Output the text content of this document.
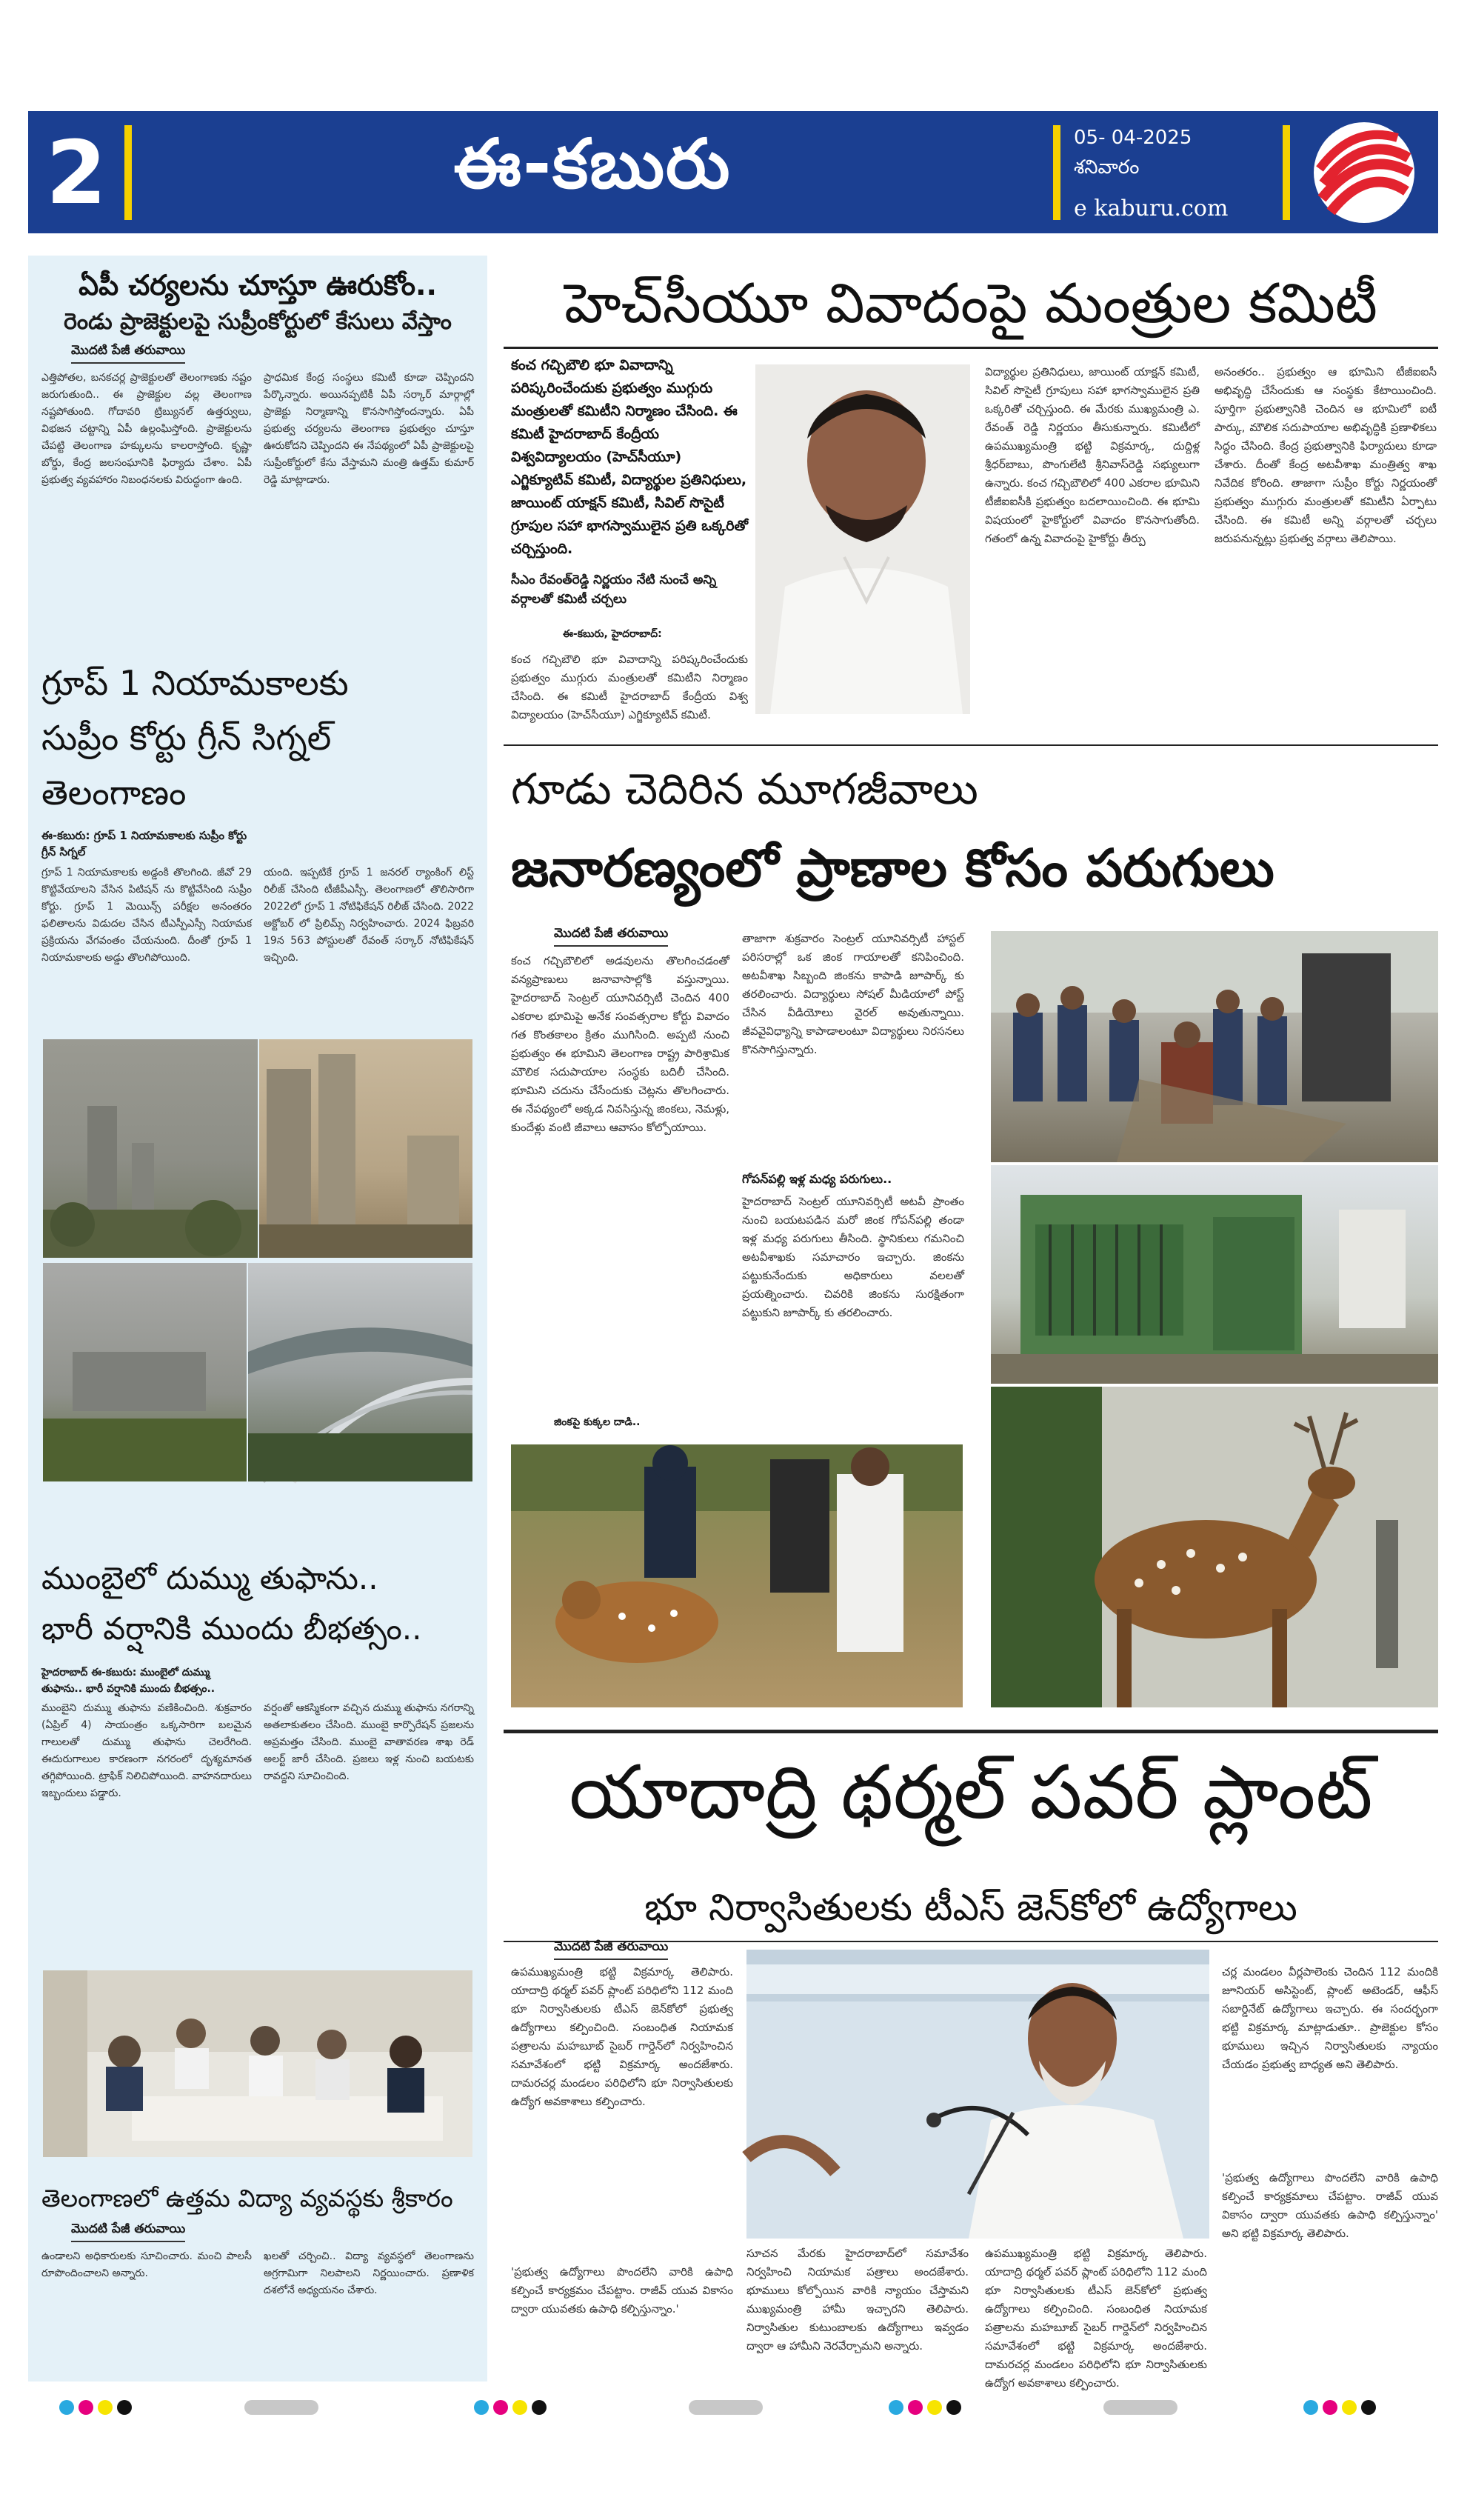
2	ఈ-కబురు	05- 04-2025
శనివారం
e kaburu.com
ఏపీ చర్యలను చూస్తూ ఊరుకోం..
రెండు ప్రాజెక్టులపై సుప్రీంకోర్టులో కేసులు వేస్తాం
మొదటి పేజీ తరువాయి
ఎత్తిపోతల, బనకచర్ల ప్రాజెక్టులతో తెలంగాణకు నష్టం జరుగుతుంది.. ఈ ప్రాజెక్టుల వల్ల తెలంగాణ నష్టపోతుంది. గోదావరి ట్రిబ్యునల్ ఉత్తర్వులు, విభజన చట్టాన్ని ఏపీ ఉల్లంఘిస్తోంది. ప్రాజెక్టులను చేపట్టి తెలంగాణ హక్కులను కాలరాస్తోంది. కృష్ణా బోర్డు, కేంద్ర జలసంఘానికి ఫిర్యాదు చేశాం. ఏపీ ప్రభుత్వ వ్యవహారం నిబంధనలకు విరుద్ధంగా ఉంది.
ప్రాధమిక కేంద్ర సంస్థలు కమిటీ కూడా చెప్పిందని పేర్కొన్నారు. అయినప్పటికీ ఏపీ సర్కార్ మార్గాల్లో ప్రాజెక్టు నిర్మాణాన్ని కొనసాగిస్తోందన్నారు. ఏపీ ప్రభుత్వ చర్యలను తెలంగాణ ప్రభుత్వం చూస్తూ ఊరుకోదని చెప్పిందని ఈ నేపథ్యంలో ఏపీ ప్రాజెక్టులపై సుప్రీంకోర్టులో కేసు వేస్తామని మంత్రి ఉత్తమ్ కుమార్ రెడ్డి మాట్లాడారు.
గ్రూప్ 1 నియామకాలకు
సుప్రీం కోర్టు గ్రీన్ సిగ్నల్ తెలంగాణం
ఈ-కబురు: గ్రూప్ 1 నియామకాలకు సుప్రీం కోర్టు గ్రీన్ సిగ్నల్
గ్రూప్ 1 నియామకాలకు అడ్డంకి తొలగింది. జీవో 29 కొట్టివేయాలని వేసిన పిటిషన్ ను కొట్టివేసింది సుప్రీం కోర్టు. గ్రూప్ 1 మెయిన్స్ పరీక్షల అనంతరం ఫలితాలను విడుదల చేసిన టీఎస్పీఎస్సీ నియామక ప్రక్రియను వేగవంతం చేయనుంది. దీంతో గ్రూప్ 1 నియామకాలకు అడ్డు తొలగిపోయింది.
యంది. ఇప్పటికే గ్రూప్ 1 జనరల్ ర్యాంకింగ్ లిస్ట్ రిలీజ్ చేసింది టీజీపీఎస్సీ. తెలంగాణలో తొలిసారిగా 2022లో గ్రూప్ 1 నోటిఫికేషన్ రిలీజ్ చేసింది. 2022 అక్టోబర్ లో ప్రిలిమ్స్ నిర్వహించారు. 2024 ఫిబ్రవరి 19న 563 పోస్టులతో రేవంత్ సర్కార్ నోటిఫికేషన్ ఇచ్చింది.
ముంబైలో దుమ్ము తుఫాను..
భారీ వర్షానికి ముందు బీభత్సం..
హైదరాబాద్ ఈ-కబురు: ముంబైలో దుమ్ము తుఫాను.. భారీ వర్షానికి ముందు బీభత్సం..
ముంబైని దుమ్ము తుఫాను వణికించింది. శుక్రవారం (ఏప్రిల్ 4) సాయంత్రం ఒక్కసారిగా బలమైన గాలులతో దుమ్ము తుఫాను చెలరేగింది. ఈదురుగాలుల కారణంగా నగరంలో దృశ్యమానత తగ్గిపోయింది. ట్రాఫిక్ నిలిచిపోయింది. వాహనదారులు ఇబ్బందులు పడ్డారు.
వర్షంతో ఆకస్మికంగా వచ్చిన దుమ్ము తుఫాను నగరాన్ని అతలాకుతలం చేసింది. ముంబై కార్పొరేషన్ ప్రజలను అప్రమత్తం చేసింది. ముంబై వాతావరణ శాఖ రెడ్ అలర్ట్ జారీ చేసింది. ప్రజలు ఇళ్ల నుంచి బయటకు రావద్దని సూచించింది.
తెలంగాణలో ఉత్తమ విద్యా వ్యవస్థకు శ్రీకారం
మొదటి పేజీ తరువాయి
ఉండాలని అధికారులకు సూచించారు. మంచి పాలసీ రూపొందించాలని అన్నారు.
ఖలతో చర్చించి.. విద్యా వ్యవస్థలో తెలంగాణను అగ్రగామిగా నిలపాలని నిర్ణయించారు. ప్రణాళిక దశలోనే అధ్యయనం చేశారు.
హెచ్‌సీయూ వివాదంపై మంత్రుల కమిటీ
కంచ గచ్చిబౌలి భూ వివాదాన్ని పరిష్కరించేందుకు ప్రభుత్వం ముగ్గురు మంత్రులతో కమిటీని నిర్మాణం చేసింది. ఈ కమిటీ హైదరాబాద్ కేంద్రీయ విశ్వవిద్యాలయం (హెచ్‌సీయూ) ఎగ్జిక్యూటివ్ కమిటీ, విద్యార్థుల ప్రతినిధులు, జాయింట్ యాక్షన్ కమిటీ, సివిల్ సొసైటీ గ్రూపుల సహా భాగస్వాములైన ప్రతి ఒక్కరితో చర్చిస్తుంది.
సీఎం రేవంత్‌రెడ్డి నిర్ణయం నేటి నుంచే అన్ని వర్గాలతో కమిటీ చర్చలు
ఈ-కబురు, హైదరాబాద్:
కంచ గచ్చిబౌలి భూ వివాదాన్ని పరిష్కరించేందుకు ప్రభుత్వం ముగ్గురు మంత్రులతో కమిటీని నిర్మాణం చేసింది. ఈ కమిటీ హైదరాబాద్ కేంద్రీయ విశ్వ విద్యాలయం (హెచ్‌సీయూ) ఎగ్జిక్యూటివ్ కమిటీ.
విద్యార్థుల ప్రతినిధులు, జాయింట్ యాక్షన్ కమిటీ, సివిల్ సొసైటీ గ్రూపులు సహా భాగస్వాములైన ప్రతి ఒక్కరితో చర్చిస్తుంది. ఈ మేరకు ముఖ్యమంత్రి ఎ. రేవంత్ రెడ్డి నిర్ణయం తీసుకున్నారు. కమిటీలో ఉపముఖ్యమంత్రి భట్టి విక్రమార్క, దుద్దిళ్ల శ్రీధర్‌బాబు, పొంగులేటి శ్రీనివాస్‌రెడ్డి సభ్యులుగా ఉన్నారు. కంచ గచ్చిబౌలిలో 400 ఎకరాల భూమిని టీజీఐఐసీకి ప్రభుత్వం బదలాయించింది. ఈ భూమి విషయంలో హైకోర్టులో వివాదం కొనసాగుతోంది. గతంలో ఉన్న వివాదంపై హైకోర్టు తీర్పు
అనంతరం.. ప్రభుత్వం ఆ భూమిని టీజీఐఐసీ అభివృద్ధి చేసేందుకు ఆ సంస్థకు కేటాయించింది. పూర్తిగా ప్రభుత్వానికి చెందిన ఆ భూమిలో ఐటీ పార్కు, మౌలిక సదుపాయాల అభివృద్ధికి ప్రణాళికలు సిద్ధం చేసింది. కేంద్ర ప్రభుత్వానికి ఫిర్యాదులు కూడా చేశారు. దీంతో కేంద్ర అటవీశాఖ మంత్రిత్వ శాఖ నివేదిక కోరింది. తాజాగా సుప్రీం కోర్టు నిర్ణయంతో ప్రభుత్వం ముగ్గురు మంత్రులతో కమిటీని ఏర్పాటు చేసింది. ఈ కమిటీ అన్ని వర్గాలతో చర్చలు జరుపనున్నట్లు ప్రభుత్వ వర్గాలు తెలిపాయి.
గూడు చెదిరిన మూగజీవాలు
జనారణ్యంలో ప్రాణాల కోసం పరుగులు
మొదటి పేజీ తరువాయి
కంచ గచ్చిబౌలిలో అడవులను తొలగించడంతో వన్యప్రాణులు జనావాసాల్లోకి వస్తున్నాయి. హైదరాబాద్ సెంట్రల్ యూనివర్సిటీ చెందిన 400 ఎకరాల భూమిపై అనేక సంవత్సరాల కోర్టు వివాదం గత కొంతకాలం క్రితం ముగిసింది. అప్పటి నుంచి ప్రభుత్వం ఈ భూమిని తెలంగాణ రాష్ట్ర పారిశ్రామిక మౌలిక సదుపాయాల సంస్థకు బదిలీ చేసింది. భూమిని చదును చేసేందుకు చెట్లను తొలగించారు. ఈ నేపథ్యంలో అక్కడ నివసిస్తున్న జింకలు, నెమళ్లు, కుందేళ్లు వంటి జీవాలు ఆవాసం కోల్పోయాయి.
తాజాగా శుక్రవారం సెంట్రల్ యూనివర్సిటీ హాస్టల్ పరిసరాల్లో ఒక జింక గాయాలతో కనిపించింది. అటవీశాఖ సిబ్బంది జింకను కాపాడి జూపార్క్ కు తరలించారు. విద్యార్థులు సోషల్ మీడియాలో పోస్ట్ చేసిన వీడియోలు వైరల్ అవుతున్నాయి. జీవవైవిధ్యాన్ని కాపాడాలంటూ విద్యార్థులు నిరసనలు కొనసాగిస్తున్నారు.
గోపన్‌పల్లి ఇళ్ల మధ్య పరుగులు..
హైదరాబాద్ సెంట్రల్ యూనివర్సిటీ అటవీ ప్రాంతం నుంచి బయటపడిన మరో జింక గోపన్‌పల్లి తండా ఇళ్ల మధ్య పరుగులు తీసింది. స్థానికులు గమనించి అటవీశాఖకు సమాచారం ఇచ్చారు. జింకను పట్టుకునేందుకు అధికారులు వలలతో ప్రయత్నించారు. చివరికి జింకను సురక్షితంగా పట్టుకుని జూపార్క్ కు తరలించారు.
జింకపై కుక్కల దాడి..
యాదాద్రి థర్మల్ పవర్ ప్లాంట్
భూ నిర్వాసితులకు టీఎస్ జెన్‌కోలో ఉద్యోగాలు
మొదటి పేజీ తరువాయి
ఉపముఖ్యమంత్రి భట్టి విక్రమార్క తెలిపారు. యాదాద్రి థర్మల్ పవర్ ప్లాంట్ పరిధిలోని 112 మంది భూ నిర్వాసితులకు టీఎస్ జెన్‌కోలో ప్రభుత్వ ఉద్యోగాలు కల్పించింది. సంబంధిత నియామక పత్రాలను మహబూబ్ సైబర్ గార్డెన్‌లో నిర్వహించిన సమావేశంలో భట్టి విక్రమార్క అందజేశారు. దామరచర్ల మండలం పరిధిలోని భూ నిర్వాసితులకు ఉద్యోగ అవకాశాలు కల్పించారు.
'ప్రభుత్వ ఉద్యోగాలు పొందలేని వారికి ఉపాధి కల్పించే కార్యక్రమం చేపట్టాం. రాజీవ్ యువ వికాసం ద్వారా యువతకు ఉపాధి కల్పిస్తున్నాం.'
సూచన మేరకు హైదరాబాద్‌లో సమావేశం నిర్వహించి నియామక పత్రాలు అందజేశారు. భూములు కోల్పోయిన వారికి న్యాయం చేస్తామని ముఖ్యమంత్రి హామీ ఇచ్చారని తెలిపారు. నిర్వాసితుల కుటుంబాలకు ఉద్యోగాలు ఇవ్వడం ద్వారా ఆ హామీని నెరవేర్చామని అన్నారు.
ఉపముఖ్యమంత్రి భట్టి విక్రమార్క తెలిపారు. యాదాద్రి థర్మల్ పవర్ ప్లాంట్ పరిధిలోని 112 మంది భూ నిర్వాసితులకు టీఎస్ జెన్‌కోలో ప్రభుత్వ ఉద్యోగాలు కల్పించింది. సంబంధిత నియామక పత్రాలను మహబూబ్ సైబర్ గార్డెన్‌లో నిర్వహించిన సమావేశంలో భట్టి విక్రమార్క అందజేశారు. దామరచర్ల మండలం పరిధిలోని భూ నిర్వాసితులకు ఉద్యోగ అవకాశాలు కల్పించారు.
చర్ల మండలం వీర్లపాలెంకు చెందిన 112 మందికి జూనియర్ అసిస్టెంట్, ప్లాంట్ అటెండర్, ఆఫీస్ సబార్డినేట్ ఉద్యోగాలు ఇచ్చారు. ఈ సందర్భంగా భట్టి విక్రమార్క మాట్లాడుతూ.. ప్రాజెక్టుల కోసం భూములు ఇచ్చిన నిర్వాసితులకు న్యాయం చేయడం ప్రభుత్వ బాధ్యత అని తెలిపారు.
'ప్రభుత్వ ఉద్యోగాలు పొందలేని వారికి ఉపాధి కల్పించే కార్యక్రమాలు చేపట్టాం. రాజీవ్ యువ వికాసం ద్వారా యువతకు ఉపాధి కల్పిస్తున్నాం' అని భట్టి విక్రమార్క తెలిపారు.
